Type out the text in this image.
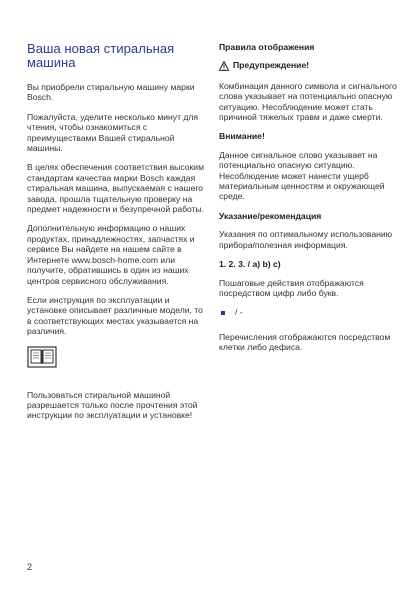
Ваша новая стиральная
машина

Вы приобрели стиральную машину марки Bosch.

Пожалуйста, уделите несколько минут для чтения, чтобы ознакомиться с преимуществами Вашей стиральной машины.

В целях обеспечения соответствия высоким стандартам качества марки Bosch каждая стиральная машина, выпускаемая с нашего завода, прошла тщательную проверку на предмет надежности и безупречной работы.

Дополнительную информацию о наших продуктах, принадлежностях, запчастях и сервисе Вы найдете на нашем сайте в Интернете www.bosch-home.com или получите, обратившись в один из наших центров сервисного обслуживания.

Если инструкция по эксплуатации и установке описывает различные модели, то в соответствующих местах указывается на различия.

Пользоваться стиральной машиной разрешается только после прочтения этой инструкции по эксплуатации и установке!

Правила отображения
Предупреждение!

Комбинация данного символа и сигнального слова указывает на потенциально опасную ситуацию. Несоблюдение может стать причиной тяжелых травм и даже смерти.

Внимание!

Данное сигнальное слово указывает на потенциально опасную ситуацию. Несоблюдение может нанести ущерб материальным ценностям и окружающей среде.

Указание/рекомендация

Указания по оптимальному использованию прибора/полезная информация.

1. 2. 3. / a) b) c)

Пошаговые действия отображаются посредством цифр либо букв.

/ -

Перечисления отображаются посредством клетки либо дефиса.

2
